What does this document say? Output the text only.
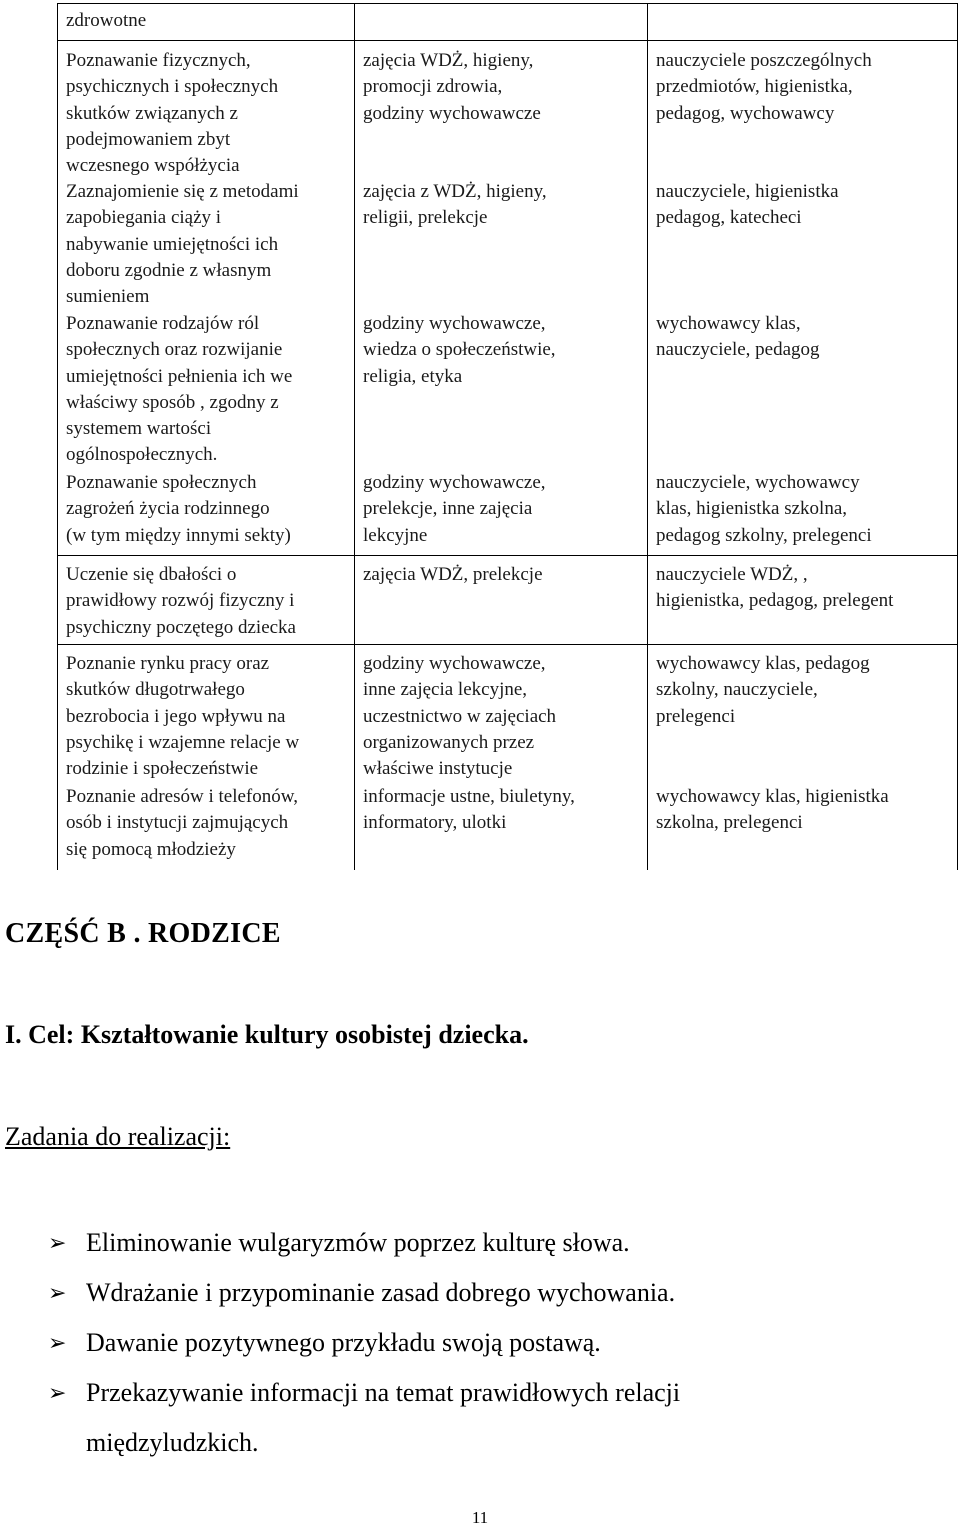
zdrowotne
Poznawanie fizycznych,
psychicznych i społecznych
skutków związanych z
podejmowaniem zbyt
wczesnego współżycia
zajęcia WDŻ, higieny,
promocji zdrowia,
godziny wychowawcze
nauczyciele poszczególnych
przedmiotów, higienistka,
pedagog, wychowawcy
Zaznajomienie się z metodami
zapobiegania ciąży i
nabywanie umiejętności ich
doboru zgodnie z własnym
sumieniem
zajęcia z WDŻ, higieny,
religii, prelekcje
nauczyciele, higienistka
pedagog, katecheci
Poznawanie rodzajów ról
społecznych oraz rozwijanie
umiejętności pełnienia ich we
właściwy sposób , zgodny z
systemem wartości
ogólnospołecznych.
godziny wychowawcze,
wiedza o społeczeństwie,
religia, etyka
wychowawcy klas,
nauczyciele, pedagog
Poznawanie społecznych
zagrożeń życia rodzinnego
(w tym między innymi sekty)
godziny wychowawcze,
prelekcje, inne zajęcia
lekcyjne
nauczyciele, wychowawcy
klas, higienistka szkolna,
pedagog szkolny, prelegenci
Uczenie się dbałości o
prawidłowy rozwój fizyczny i
psychiczny poczętego dziecka
zajęcia WDŻ, prelekcje	nauczyciele WDŻ, ,
higienistka, pedagog, prelegent
Poznanie rynku pracy oraz
skutków długotrwałego
bezrobocia i jego wpływu na
psychikę i wzajemne relacje w
rodzinie i społeczeństwie
godziny wychowawcze,
inne zajęcia lekcyjne,
uczestnictwo w zajęciach
organizowanych przez
właściwe instytucje
wychowawcy klas, pedagog
szkolny, nauczyciele,
prelegenci
Poznanie adresów i telefonów,
osób i instytucji zajmujących
się pomocą młodzieży
informacje ustne, biuletyny,
informatory, ulotki
wychowawcy klas, higienistka
szkolna, prelegenci
CZĘŚĆ B . RODZICE
I. Cel: Kształtowanie kultury osobistej dziecka.
Zadania do realizacji:
➢ Eliminowanie wulgaryzmów poprzez kulturę słowa.
➢ Wdrażanie i przypominanie zasad dobrego wychowania.
➢ Dawanie pozytywnego przykładu swoją postawą.
➢ Przekazywanie informacji na temat prawidłowych relacji
międzyludzkich.
11
